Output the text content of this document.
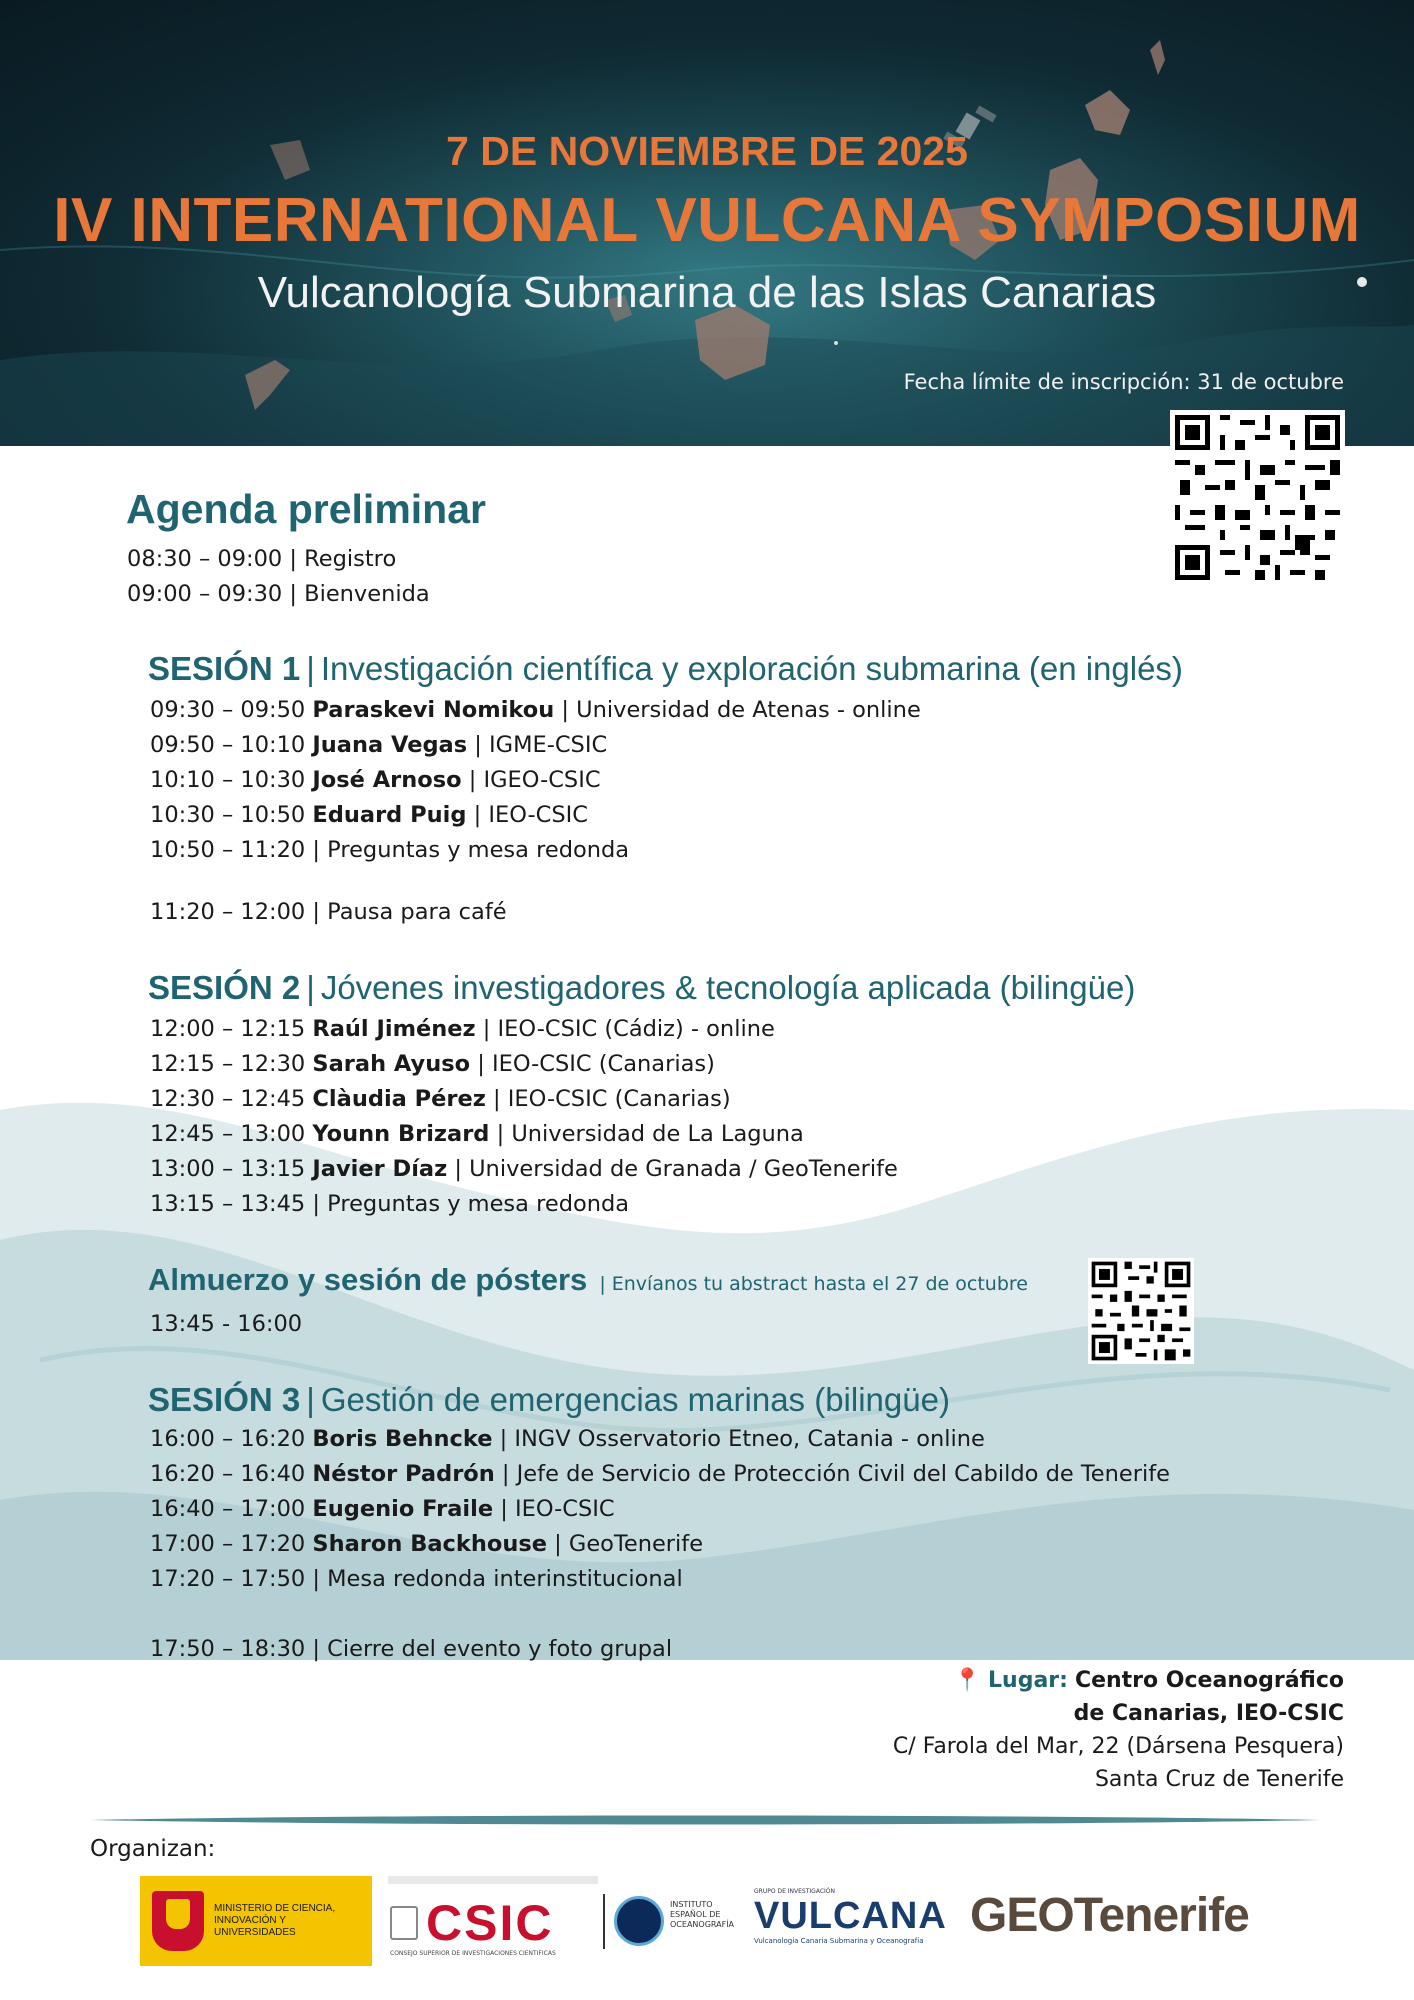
7 DE NOVIEMBRE DE 2025
IV INTERNATIONAL VULCANA SYMPOSIUM
Vulcanología Submarina de las Islas Canarias
Fecha límite de inscripción: 31 de octubre
Agenda preliminar
08:30 – 09:00 | Registro
09:00 – 09:30 | Bienvenida
SESIÓN 1 | Investigación científica y exploración submarina (en inglés)
09:30 – 09:50 Paraskevi Nomikou | Universidad de Atenas - online
09:50 – 10:10 Juana Vegas | IGME-CSIC
10:10 – 10:30 José Arnoso | IGEO-CSIC
10:30 – 10:50 Eduard Puig | IEO-CSIC
10:50 – 11:20 | Preguntas y mesa redonda
11:20 – 12:00 | Pausa para café
SESIÓN 2 | Jóvenes investigadores & tecnología aplicada (bilingüe)
12:00 – 12:15 Raúl Jiménez | IEO-CSIC (Cádiz) - online
12:15 – 12:30 Sarah Ayuso | IEO-CSIC (Canarias)
12:30 – 12:45 Clàudia Pérez | IEO-CSIC (Canarias)
12:45 – 13:00 Younn Brizard | Universidad de La Laguna
13:00 – 13:15 Javier Díaz | Universidad de Granada / GeoTenerife
13:15 – 13:45 | Preguntas y mesa redonda
Almuerzo y sesión de pósters | Envíanos tu abstract hasta el 27 de octubre
13:45 - 16:00
SESIÓN 3 | Gestión de emergencias marinas (bilingüe)
16:00 – 16:20 Boris Behncke | INGV Osservatorio Etneo, Catania - online
16:20 – 16:40 Néstor Padrón | Jefe de Servicio de Protección Civil del Cabildo de Tenerife
16:40 – 17:00 Eugenio Fraile | IEO-CSIC
17:00 – 17:20 Sharon Backhouse | GeoTenerife
17:20 – 17:50 | Mesa redonda interinstitucional
17:50 – 18:30 | Cierre del evento y foto grupal
📍 Lugar: Centro Oceanográfico
de Canarias, IEO-CSIC
C/ Farola del Mar, 22 (Dársena Pesquera)
Santa Cruz de Tenerife
Organizan:
MINISTERIO DE CIENCIA, INNOVACIÓN Y UNIVERSIDADES	CSIC
CONSEJO SUPERIOR DE INVESTIGACIONES CIENTÍFICAS
INSTITUTO ESPAÑOL DE OCEANOGRAFÍA
GRUPO DE INVESTIGACIÓN
VULCANA
Vulcanología Canaria Submarina y Oceanografía GEOTenerife
